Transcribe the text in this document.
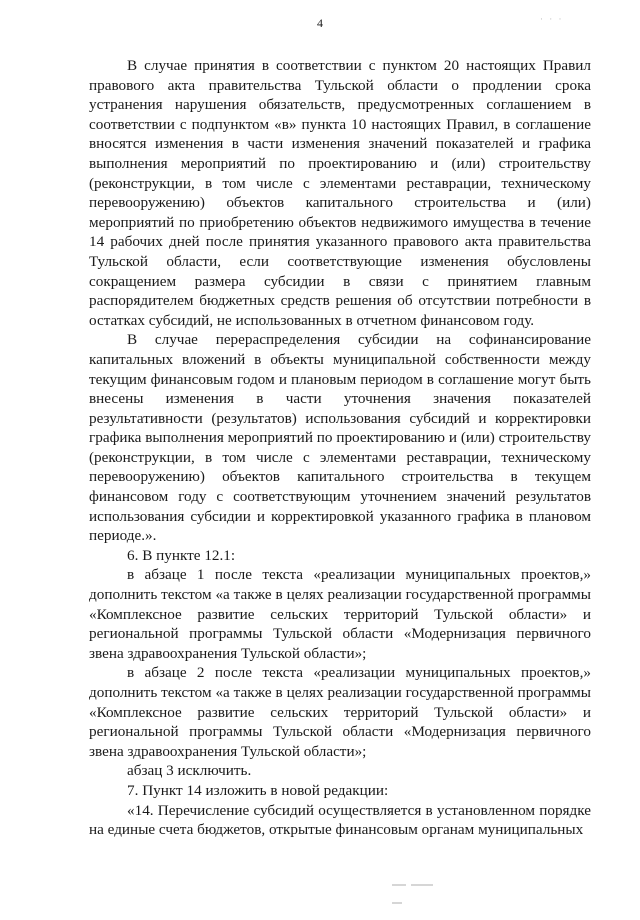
4	· · ·

В случае принятия в соответствии с пунктом 20 настоящих Правил правового акта правительства Тульской области о продлении срока устранения нарушения обязательств, предусмотренных соглашением в соответствии с подпунктом «в» пункта 10 настоящих Правил, в соглашение вносятся изменения в части изменения значений показателей и графика выполнения мероприятий по проектированию и (или) строительству (реконструкции, в том числе с элементами реставрации, техническому перевооружению) объектов капитального строительства и (или) мероприятий по приобретению объектов недвижимого имущества в течение 14 рабочих дней после принятия указанного правового акта правительства Тульской области, если соответствующие изменения обусловлены сокращением размера субсидии в связи с принятием главным распорядителем бюджетных средств решения об отсутствии потребности в остатках субсидий, не использованных в отчетном финансовом году.

В случае перераспределения субсидии на софинансирование капитальных вложений в объекты муниципальной собственности между текущим финансовым годом и плановым периодом в соглашение могут быть внесены изменения в части уточнения значения показателей результативности (результатов) использования субсидий и корректировки графика выполнения мероприятий по проектированию и (или) строительству (реконструкции, в том числе с элементами реставрации, техническому перевооружению) объектов капитального строительства в текущем финансовом году с соответствующим уточнением значений результатов использования субсидии и корректировкой указанного графика в плановом периоде.».

6. В пункте 12.1:

в абзаце 1 после текста «реализации муниципальных проектов,» дополнить текстом «а также в целях реализации государственной программы «Комплексное развитие сельских территорий Тульской области» и региональной программы Тульской области «Модернизация первичного звена здравоохранения Тульской области»;

в абзаце 2 после текста «реализации муниципальных проектов,» дополнить текстом «а также в целях реализации государственной программы «Комплексное развитие сельских территорий Тульской области» и региональной программы Тульской области «Модернизация первичного звена здравоохранения Тульской области»;

абзац 3 исключить.

7. Пункт 14 изложить в новой редакции:

«14. Перечисление субсидий осуществляется в установленном порядке на единые счета бюджетов, открытые финансовым органам муниципальных
